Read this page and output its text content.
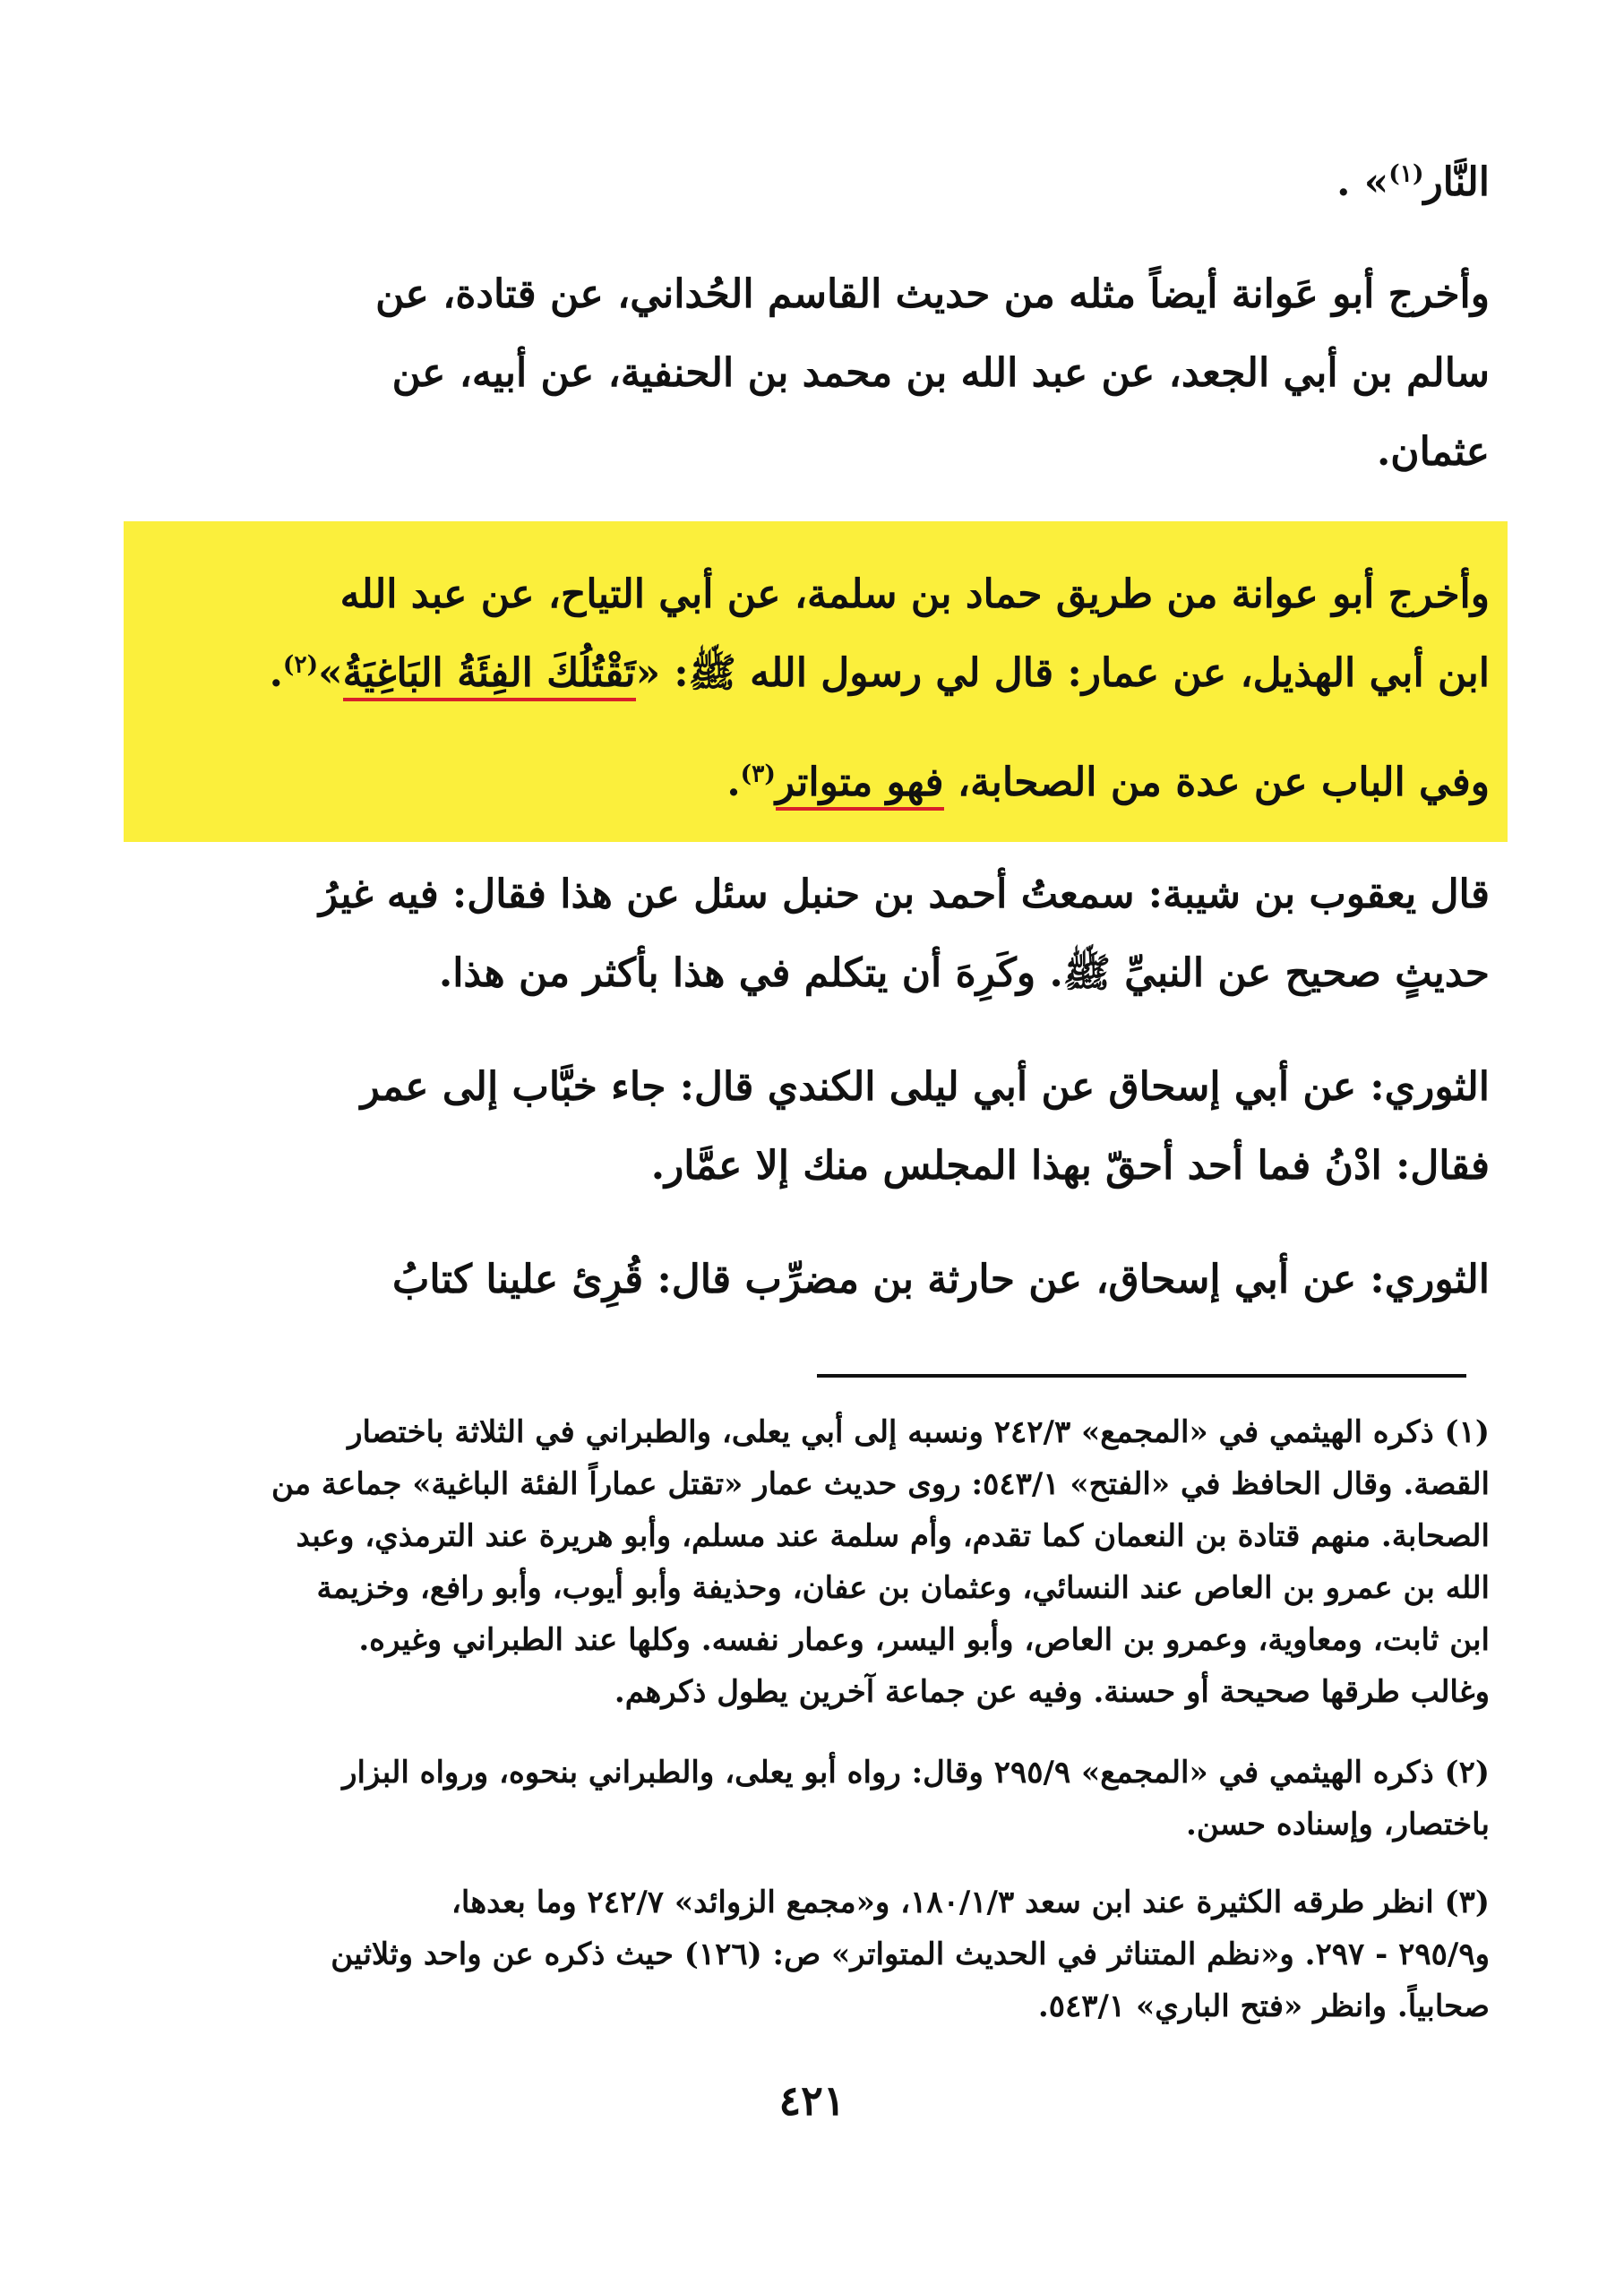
النَّار$^{(١)}$» .
وأخرج أبو عَوانة أيضاً مثله من حديث القاسم الحُداني، عن قتادة، عن
سالم بن أبي الجعد، عن عبد الله بن محمد بن الحنفية، عن أبيه، عن
عثمان.
وأخرج أبو عوانة من طريق حماد بن سلمة، عن أبي التياح، عن عبد الله
ابن أبي الهذيل، عن عمار: قال لي رسول الله ﷺ: «تَقْتُلُكَ الفِئَةُ البَاغِيَةُ»$^{(٢)}$.
وفي الباب عن عدة من الصحابة، فهو متواتر$^{(٣)}$.
قال يعقوب بن شيبة: سمعتُ أحمد بن حنبل سئل عن هذا فقال: فيه غيرُ
حديثٍ صحيح عن النبيِّ ﷺ. وكَرِهَ أن يتكلم في هذا بأكثر من هذا.
الثوري: عن أبي إسحاق عن أبي ليلى الكندي قال: جاء خبَّاب إلى عمر
فقال: ادْنُ فما أحد أحقّ بهذا المجلس منك إلا عمَّار.
الثوري: عن أبي إسحاق، عن حارثة بن مضرِّب قال: قُرِئ علينا كتابُ
(١) ذكره الهيثمي في «المجمع» ٢٤٢/٣ ونسبه إلى أبي يعلى، والطبراني في الثلاثة باختصار
القصة. وقال الحافظ في «الفتح» ٥٤٣/١: روى حديث عمار «تقتل عماراً الفئة الباغية» جماعة من
الصحابة. منهم قتادة بن النعمان كما تقدم، وأم سلمة عند مسلم، وأبو هريرة عند الترمذي، وعبد
الله بن عمرو بن العاص عند النسائي، وعثمان بن عفان، وحذيفة وأبو أيوب، وأبو رافع، وخزيمة
ابن ثابت، ومعاوية، وعمرو بن العاص، وأبو اليسر، وعمار نفسه. وكلها عند الطبراني وغيره.
وغالب طرقها صحيحة أو حسنة. وفيه عن جماعة آخرين يطول ذكرهم.
(٢) ذكره الهيثمي في «المجمع» ٢٩٥/٩ وقال: رواه أبو يعلى، والطبراني بنحوه، ورواه البزار
باختصار، وإسناده حسن.
(٣) انظر طرقه الكثيرة عند ابن سعد ١٨٠/١/٣، و«مجمع الزوائد» ٢٤٢/٧ وما بعدها،
و٢٩٥/٩ - ٢٩٧. و«نظم المتناثر في الحديث المتواتر» ص: (١٢٦) حيث ذكره عن واحد وثلاثين
صحابياً. وانظر «فتح الباري» ٥٤٣/١.
٤٢١
